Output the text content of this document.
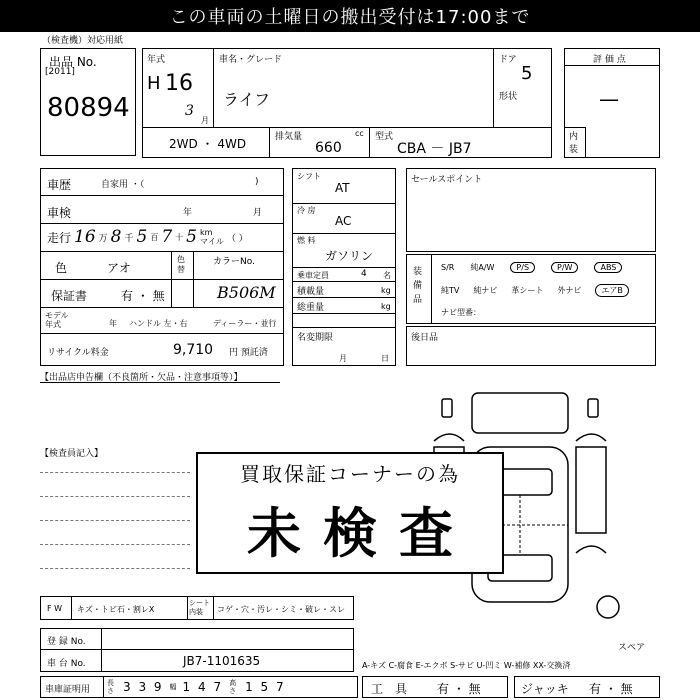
この車両の土曜日の搬出受付は17:00まで
（検査機）対応用紙
出品 No.
[2011]
80894
年式
H 16
3
月
車名・グレード
ライフ
ドア
5
形状
2WD ・ 4WD	排気量	cc
660
型式
CBA － JB7
評 価 点
—
内装
車歴	自家用 ・（	)
車検	年	月
走行 16 万 8 千 5 百 7 十 5 km
マイル （ ）
色	アオ
色替
カラーNo.
B506M
保証書	有 ・ 無
モデル年式	年 ハンドル 左・右	ディーラー・並行
リサイクル料金	9,710 円 預託済
シフト
AT
冷 房
AC
燃 料
ガソリン
乗車定員	4 名
積載量	kg
総重量	kg
名変期限
月	日
セールスポイント
装備品
S/R 純A/W	P/S	P/W	ABS
純TV 純ナビ 革シート 外ナビ	エアB
ナビ型番：
後日品
【出品店申告欄（不良箇所・欠品・注意事項等）】
【検査員記入】
スペア
買取保証コーナーの為
未検査
F W キズ・トビ石・割レX
シート内装	コゲ・穴・汚レ・シミ・破レ・スレ
登 録 No.
車 台 No.	JB7-1101635	A-キズ C-腐食 E-エクボ S-サビ U-凹ミ W-補修 XX-交換済
車庫証明用
長さ 3 3 9 幅 1 4 7 高さ 1 5 7	工　具 有 ・ 無	ジャッキ 有 ・ 無
